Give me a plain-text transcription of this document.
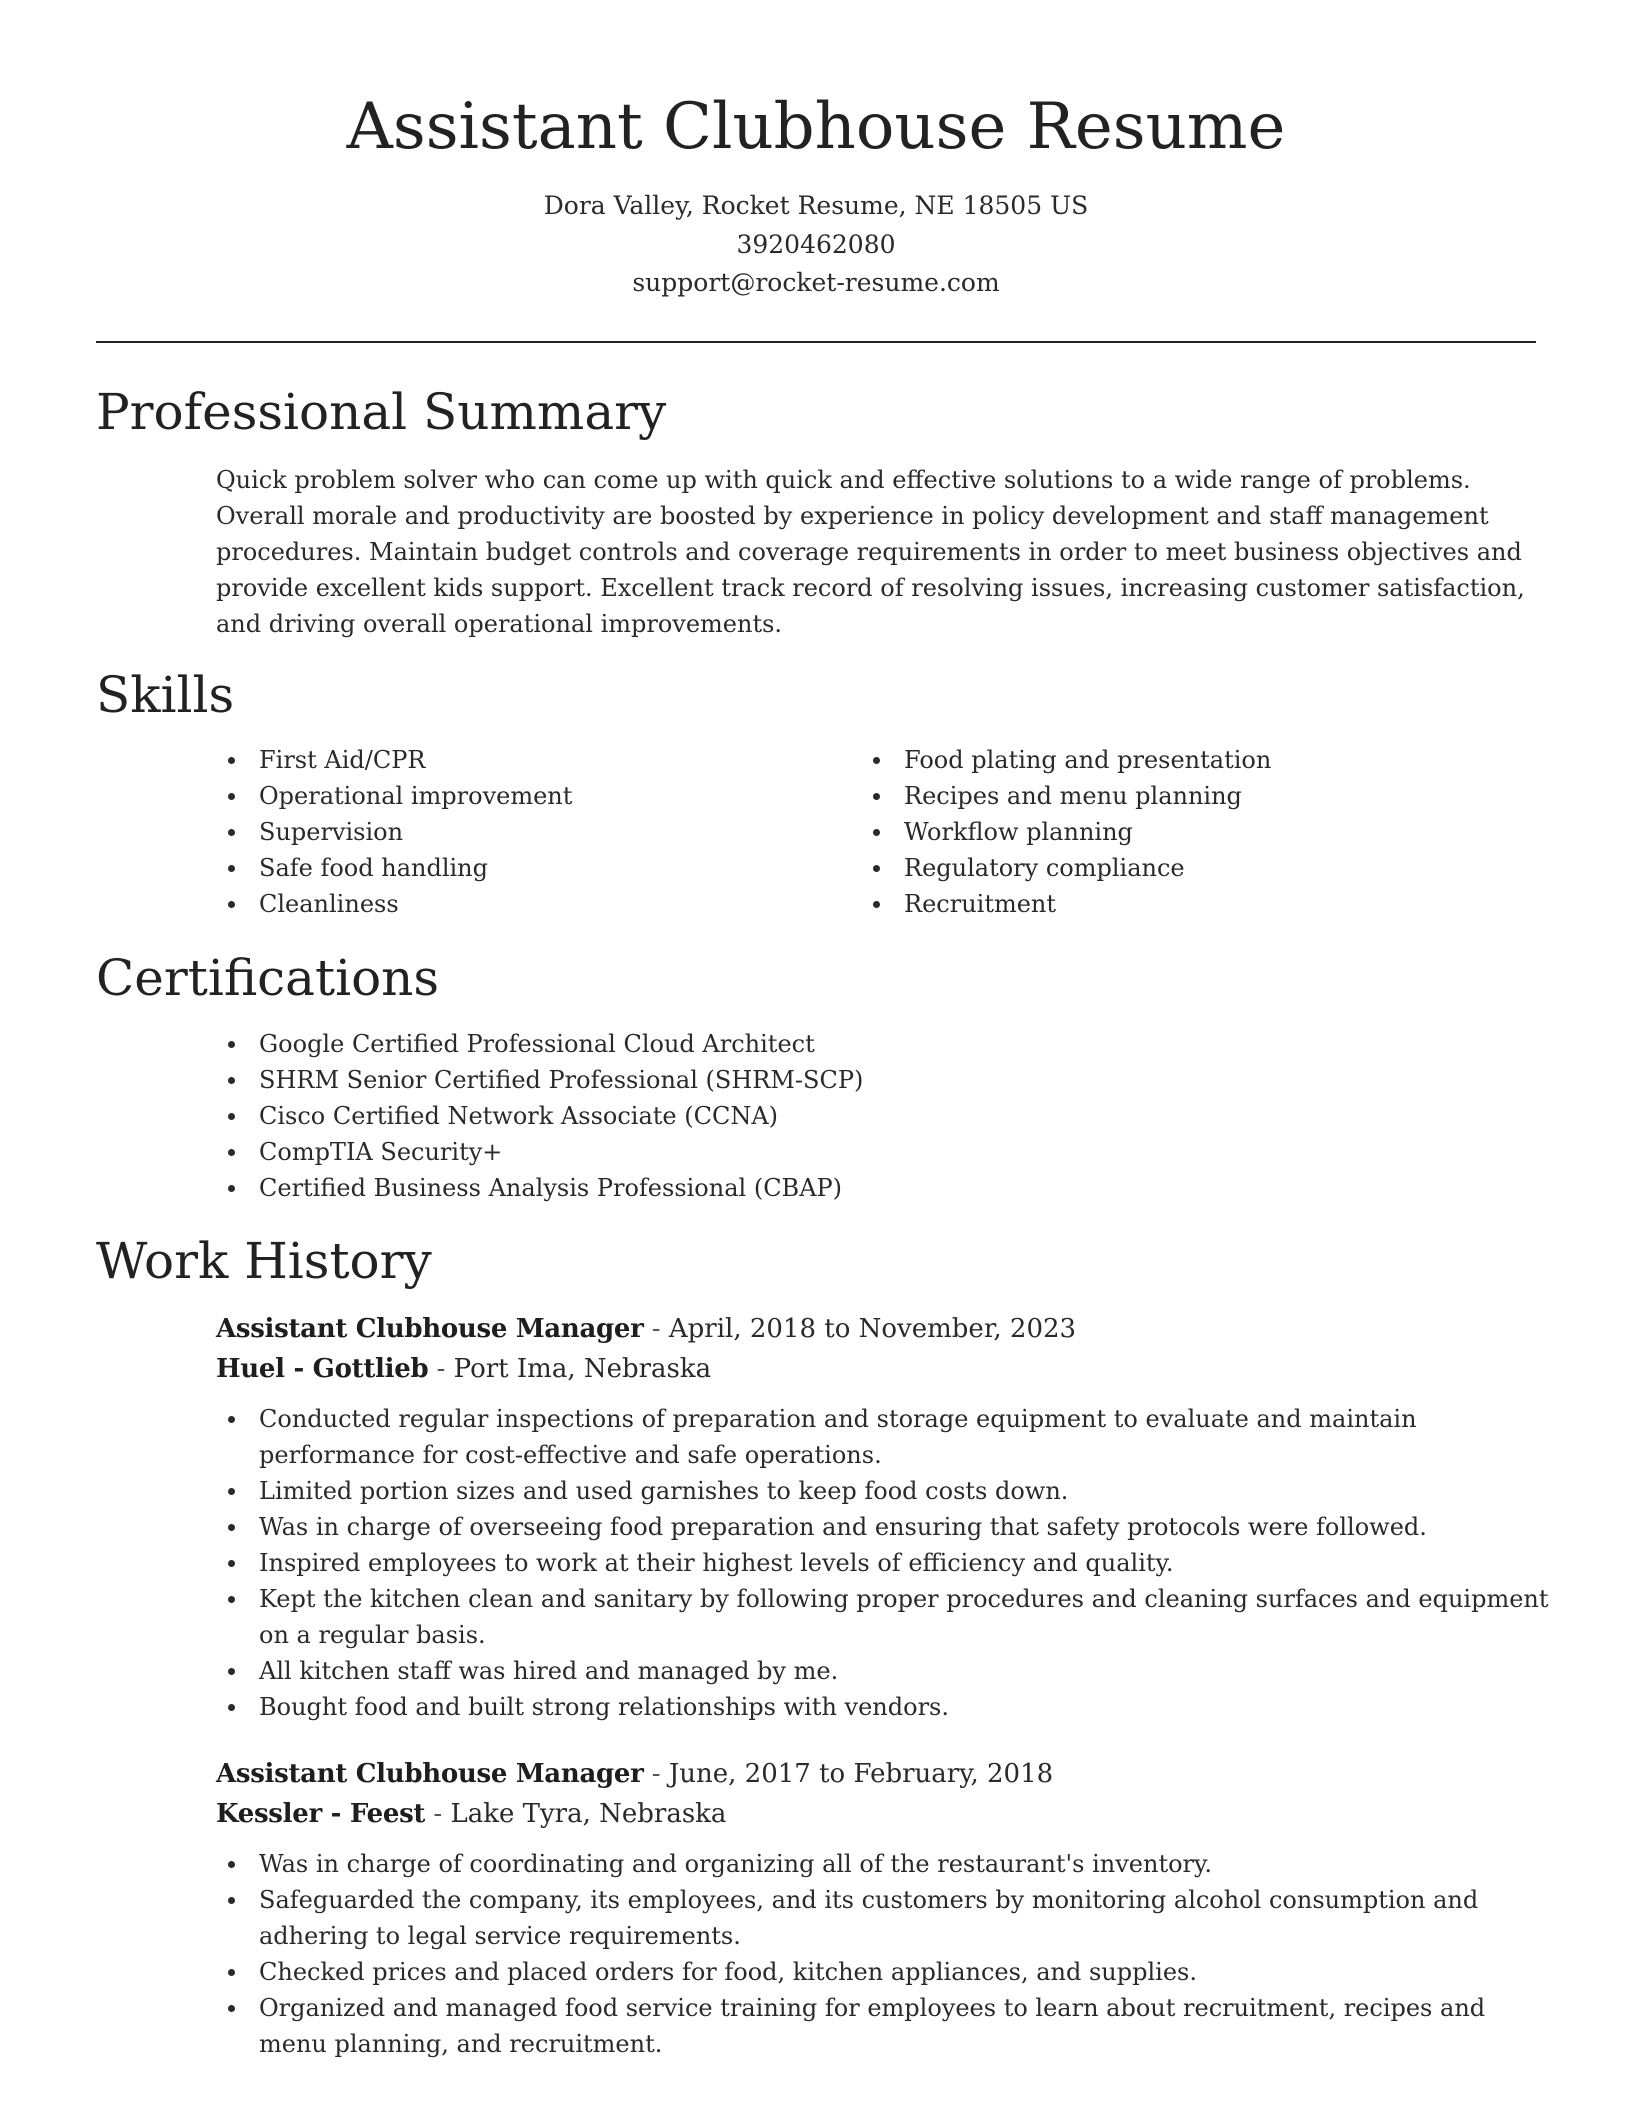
Assistant Clubhouse Resume
Dora Valley, Rocket Resume, NE 18505 US
3920462080
support@rocket-resume.com
Professional Summary

Quick problem solver who can come up with quick and effective solutions to a wide range of problems. Overall morale and productivity are boosted by experience in policy development and staff management procedures. Maintain budget controls and coverage requirements in order to meet business objectives and provide excellent kids support. Excellent track record of resolving issues, increasing customer satisfaction, and driving overall operational improvements.

Skills
First Aid/CPR
Operational improvement
Supervision
Safe food handling
Cleanliness
Food plating and presentation
Recipes and menu planning
Workflow planning
Regulatory compliance
Recruitment
Certifications
Google Certified Professional Cloud Architect
SHRM Senior Certified Professional (SHRM-SCP)
Cisco Certified Network Associate (CCNA)
CompTIA Security+
Certified Business Analysis Professional (CBAP)
Work History
Assistant Clubhouse Manager - April, 2018 to November, 2023
Huel - Gottlieb - Port Ima, Nebraska
Conducted regular inspections of preparation and storage equipment to evaluate and maintain performance for cost-effective and safe operations.
Limited portion sizes and used garnishes to keep food costs down.
Was in charge of overseeing food preparation and ensuring that safety protocols were followed.
Inspired employees to work at their highest levels of efficiency and quality.
Kept the kitchen clean and sanitary by following proper procedures and cleaning surfaces and equipment on a regular basis.
All kitchen staff was hired and managed by me.
Bought food and built strong relationships with vendors.
Assistant Clubhouse Manager - June, 2017 to February, 2018
Kessler - Feest - Lake Tyra, Nebraska
Was in charge of coordinating and organizing all of the restaurant's inventory.
Safeguarded the company, its employees, and its customers by monitoring alcohol consumption and adhering to legal service requirements.
Checked prices and placed orders for food, kitchen appliances, and supplies.
Organized and managed food service training for employees to learn about recruitment, recipes and menu planning, and recruitment.
